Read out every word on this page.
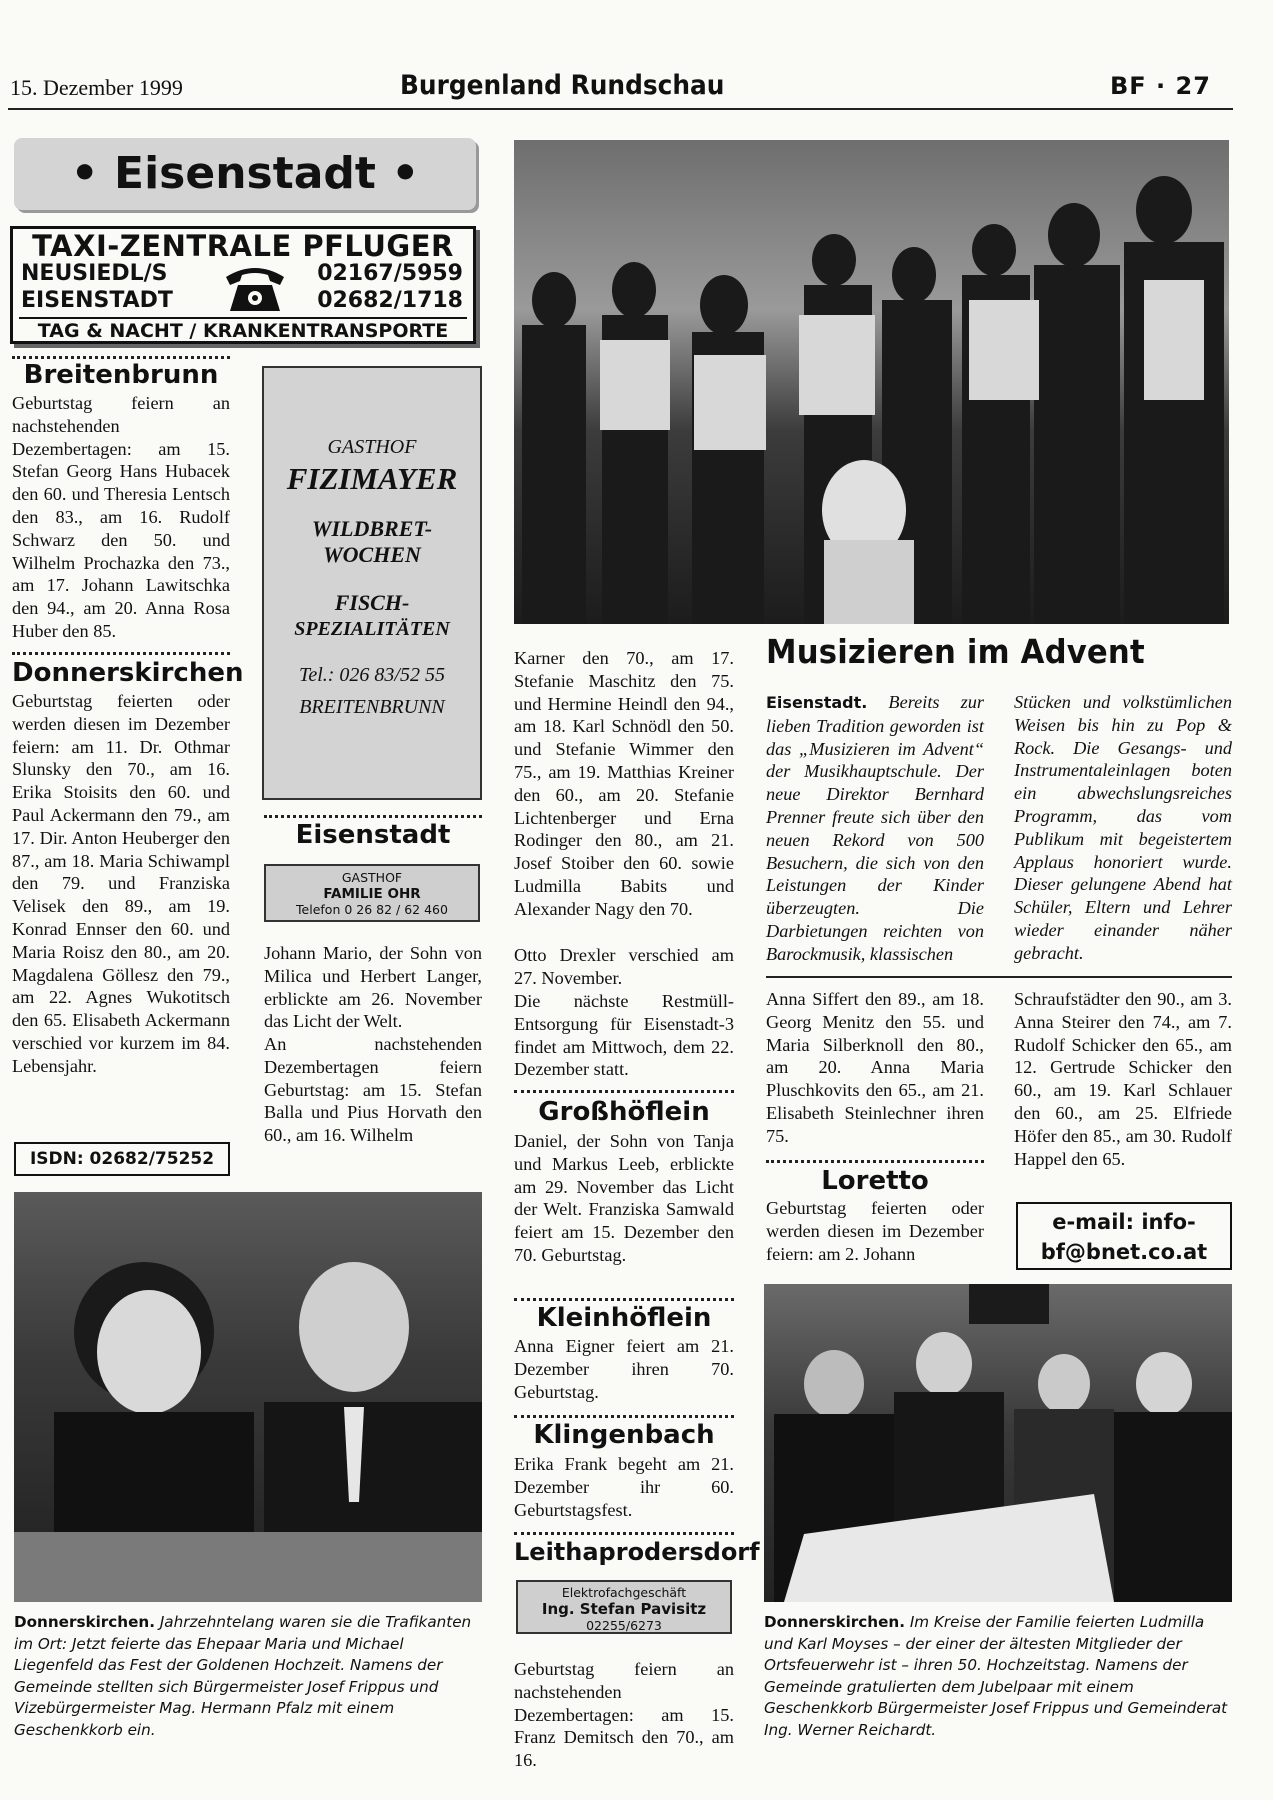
15. Dezember 1999	Burgenland Rundschau	BF · 27
• Eisenstadt •
TAXI-ZENTRALE PFLUGER
NEUSIEDL/S
EISENSTADT
02167/5959
02682/1718
TAG & NACHT / KRANKENTRANSPORTE
Breitenbrunn
Geburtstag feiern an nachstehenden Dezembertagen: am 15. Stefan Georg Hans Hubacek den 60. und Theresia Lentsch den 83., am 16. Rudolf Schwarz den 50. und Wilhelm Prochazka den 73., am 17. Johann Lawitschka den 94., am 20. Anna Rosa Huber den 85.
Donnerskirchen
Geburtstag feierten oder werden diesen im Dezember feiern: am 11. Dr. Othmar Slunsky den 70., am 16. Erika Stoisits den 60. und Paul Ackermann den 79., am 17. Dir. Anton Heuberger den 87., am 18. Maria Schiwampl den 79. und Franziska Velisek den 89., am 19. Konrad Ennser den 60. und Maria Roisz den 80., am 20. Magdalena Göllesz den 79., am 22. Agnes Wukotitsch den 65. Elisabeth Ackermann verschied vor kurzem im 84. Lebensjahr.
ISDN: 02682/75252
GASTHOF
FIZIMAYER
WILDBRET-
WOCHEN
FISCH-
SPEZIALITÄTEN
Tel.: 026 83/52 55
BREITENBRUNN
Eisenstadt
GASTHOF
FAMILIE OHR
Telefon 0 26 82 / 62 460
Johann Mario, der Sohn von Milica und Herbert Langer, erblickte am 26. November das Licht der Welt.
An nachstehenden Dezembertagen feiern Geburtstag: am 15. Stefan Balla und Pius Horvath den 60., am 16. Wilhelm
Musizieren im Advent
Karner den 70., am 17. Stefanie Maschitz den 75. und Hermine Heindl den 94., am 18. Karl Schnödl den 50. und Stefanie Wimmer den 75., am 19. Matthias Kreiner den 60., am 20. Stefanie Lichtenberger und Erna Rodinger den 80., am 21. Josef Stoiber den 60. sowie Ludmilla Babits und Alexander Nagy den 70.
Otto Drexler verschied am 27. November.
Die nächste Restmüll-Entsorgung für Eisenstadt-3 findet am Mittwoch, dem 22. Dezember statt.
Eisenstadt. Bereits zur lieben Tradition geworden ist das „Musizieren im Advent“ der Musikhauptschule. Der neue Direktor Bernhard Prenner freute sich über den neuen Rekord von 500 Besuchern, die sich von den Leistungen der Kinder überzeugten. Die Darbietungen reichten von Barockmusik, klassischen
Stücken und volkstümlichen Weisen bis hin zu Pop & Rock. Die Gesangs- und Instrumentaleinlagen boten ein abwechslungsreiches Programm, das vom Publikum mit begeistertem Applaus honoriert wurde. Dieser gelungene Abend hat Schüler, Eltern und Lehrer wieder einander näher gebracht.
Großhöflein
Daniel, der Sohn von Tanja und Markus Leeb, erblickte am 29. November das Licht der Welt. Franziska Samwald feiert am 15. Dezember den 70. Geburtstag.
Kleinhöflein
Anna Eigner feiert am 21. Dezember ihren 70. Geburtstag.
Klingenbach
Erika Frank begeht am 21. Dezember ihr 60. Geburtstagsfest.
Leithaprodersdorf
Elektrofachgeschäft
Ing. Stefan Pavisitz
02255/6273
Geburtstag feiern an nachstehenden Dezembertagen: am 15. Franz Demitsch den 70., am 16.
Anna Siffert den 89., am 18. Georg Menitz den 55. und Maria Silberknoll den 80., am 20. Anna Maria Pluschkovits den 65., am 21. Elisabeth Steinlechner ihren 75.
Loretto
Geburtstag feierten oder werden diesen im Dezember feiern: am 2. Johann
Schraufstädter den 90., am 3. Anna Steirer den 74., am 7. Rudolf Schicker den 65., am 12. Gertrude Schicker den 60., am 19. Karl Schlauer den 60., am 25. Elfriede Höfer den 85., am 30. Rudolf Happel den 65.
e-mail: info-
bf@bnet.co.at
Donnerskirchen. Jahrzehntelang waren sie die Trafikanten im Ort: Jetzt feierte das Ehepaar Maria und Michael Liegenfeld das Fest der Goldenen Hochzeit. Namens der Gemeinde stellten sich Bürgermeister Josef Frippus und Vizebürgermeister Mag. Hermann Pfalz mit einem Geschenkkorb ein.
Donnerskirchen. Im Kreise der Familie feierten Ludmilla und Karl Moyses – der einer der ältesten Mitglieder der Ortsfeuerwehr ist – ihren 50. Hochzeitstag. Namens der Gemeinde gratulierten dem Jubelpaar mit einem Geschenkkorb Bürgermeister Josef Frippus und Gemeinderat Ing. Werner Reichardt.
